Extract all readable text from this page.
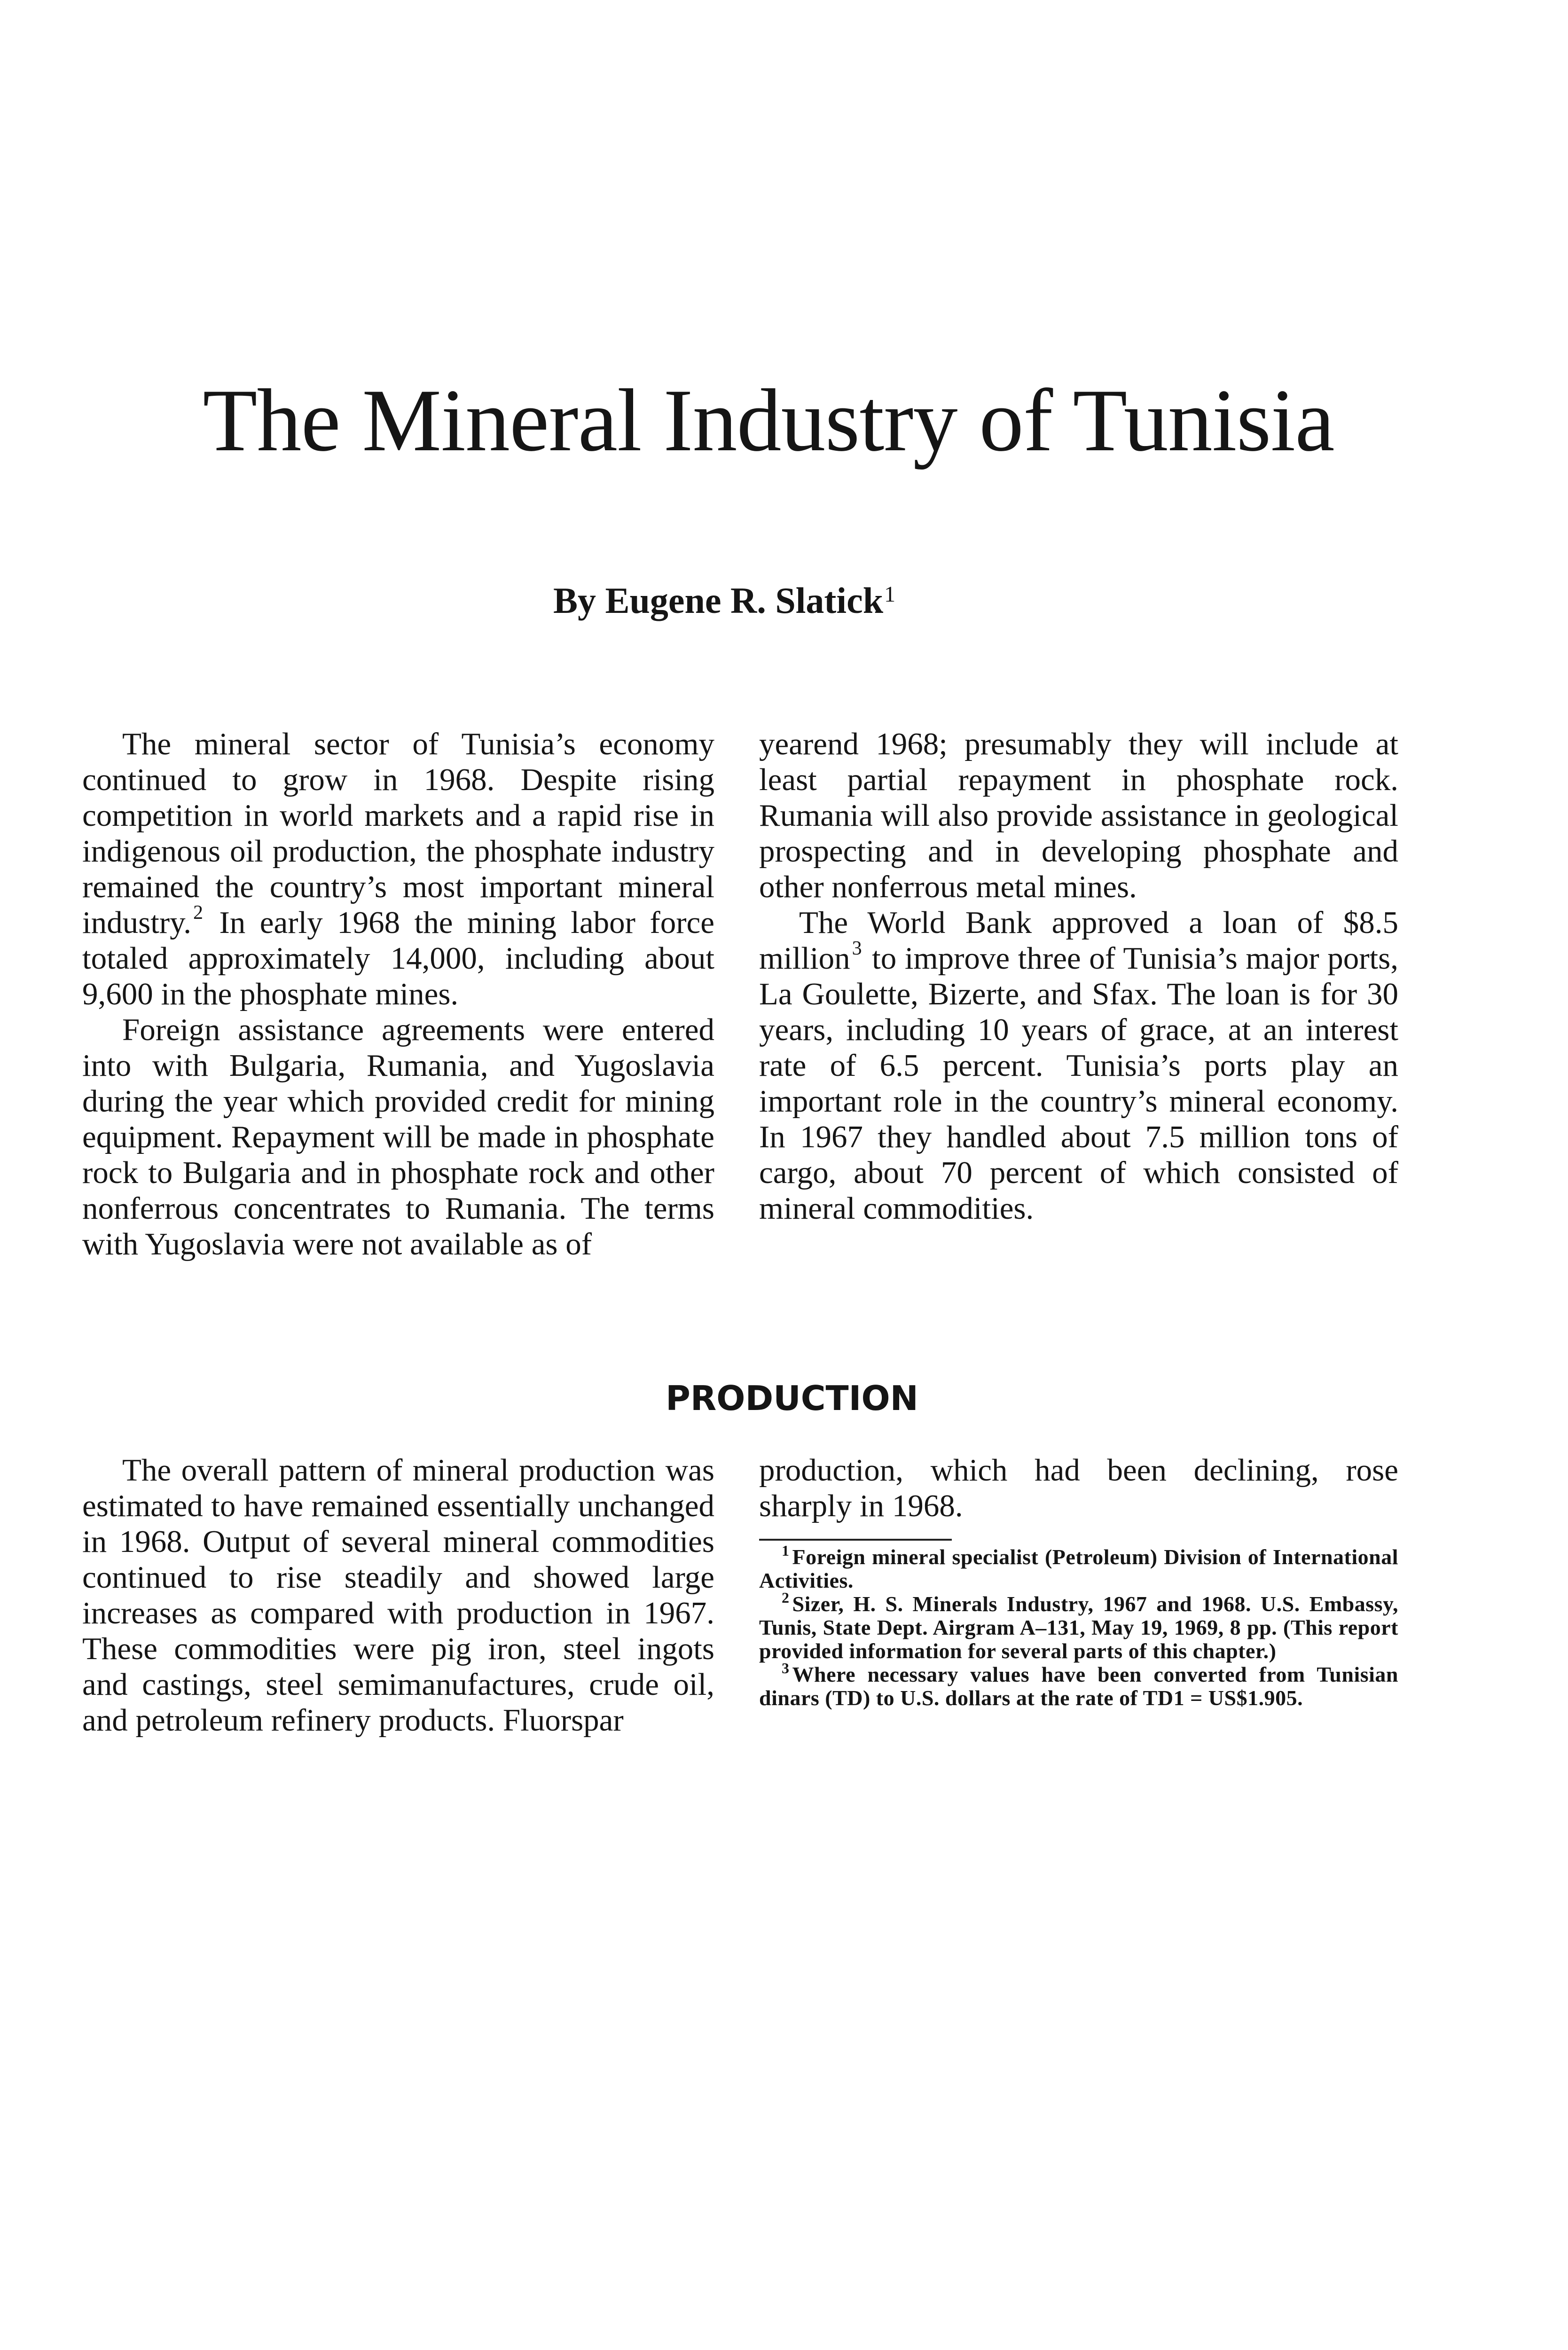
The Mineral Industry of Tunisia
By Eugene R. Slatick$^1$

The mineral sector of Tunisia’s economy continued to grow in 1968. Despite rising competition in world markets and a rapid rise in indigenous oil production, the phosphate industry remained the country’s most important mineral industry.$^2$ In early 1968 the mining labor force totaled approximately 14,000, including about 9,600 in the phosphate mines.

Foreign assistance agreements were entered into with Bulgaria, Rumania, and Yugoslavia during the year which provided credit for mining equipment. Repayment will be made in phosphate rock to Bulgaria and in phosphate rock and other nonferrous concentrates to Rumania. The terms with Yugoslavia were not available as of

yearend 1968; presumably they will include at least partial repayment in phosphate rock. Rumania will also provide assistance in geological prospecting and in developing phosphate and other nonferrous metal mines.

The World Bank approved a loan of $8.5 million$^3$ to improve three of Tunisia’s major ports, La Goulette, Bizerte, and Sfax. The loan is for 30 years, including 10 years of grace, at an interest rate of 6.5 percent. Tunisia’s ports play an important role in the country’s mineral economy. In 1967 they handled about 7.5 million tons of cargo, about 70 percent of which consisted of mineral commodities.

PRODUCTION

The overall pattern of mineral production was estimated to have remained essentially unchanged in 1968. Output of several mineral commodities continued to rise steadily and showed large increases as compared with production in 1967. These commodities were pig iron, steel ingots and castings, steel semimanufactures, crude oil, and petroleum refinery products. Fluorspar

production, which had been declining, rose sharply in 1968.

$^1$ Foreign mineral specialist (Petroleum) Division of International Activities.

$^2$ Sizer, H. S. Minerals Industry, 1967 and 1968. U.S. Embassy, Tunis, State Dept. Airgram A–131, May 19, 1969, 8 pp. (This report provided information for several parts of this chapter.)

$^3$ Where necessary values have been converted from Tunisian dinars (TD) to U.S. dollars at the rate of TD1 = US$1.905.
